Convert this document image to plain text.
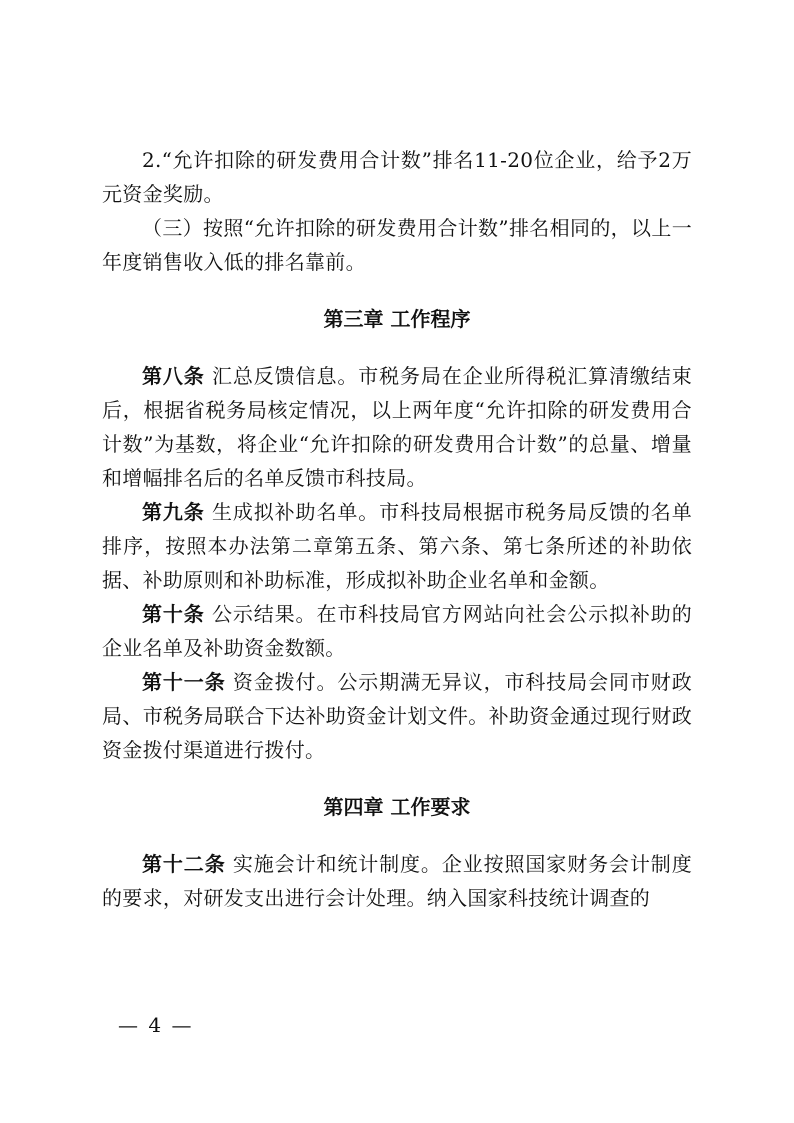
2.“允许扣除的研发费用合计数”排名11-20位企业，给予2万元资金奖励。

（三）按照“允许扣除的研发费用合计数”排名相同的，以上一年度销售收入低的排名靠前。

第三章 工作程序

第八条 汇总反馈信息。市税务局在企业所得税汇算清缴结束后，根据省税务局核定情况，以上两年度“允许扣除的研发费用合计数”为基数，将企业“允许扣除的研发费用合计数”的总量、增量和增幅排名后的名单反馈市科技局。

第九条 生成拟补助名单。市科技局根据市税务局反馈的名单排序，按照本办法第二章第五条、第六条、第七条所述的补助依据、补助原则和补助标准，形成拟补助企业名单和金额。

第十条 公示结果。在市科技局官方网站向社会公示拟补助的企业名单及补助资金数额。

第十一条 资金拨付。公示期满无异议，市科技局会同市财政局、市税务局联合下达补助资金计划文件。补助资金通过现行财政资金拨付渠道进行拨付。

第四章 工作要求

第十二条 实施会计和统计制度。企业按照国家财务会计制度的要求，对研发支出进行会计处理。纳入国家科技统计调查的

— 4 —
